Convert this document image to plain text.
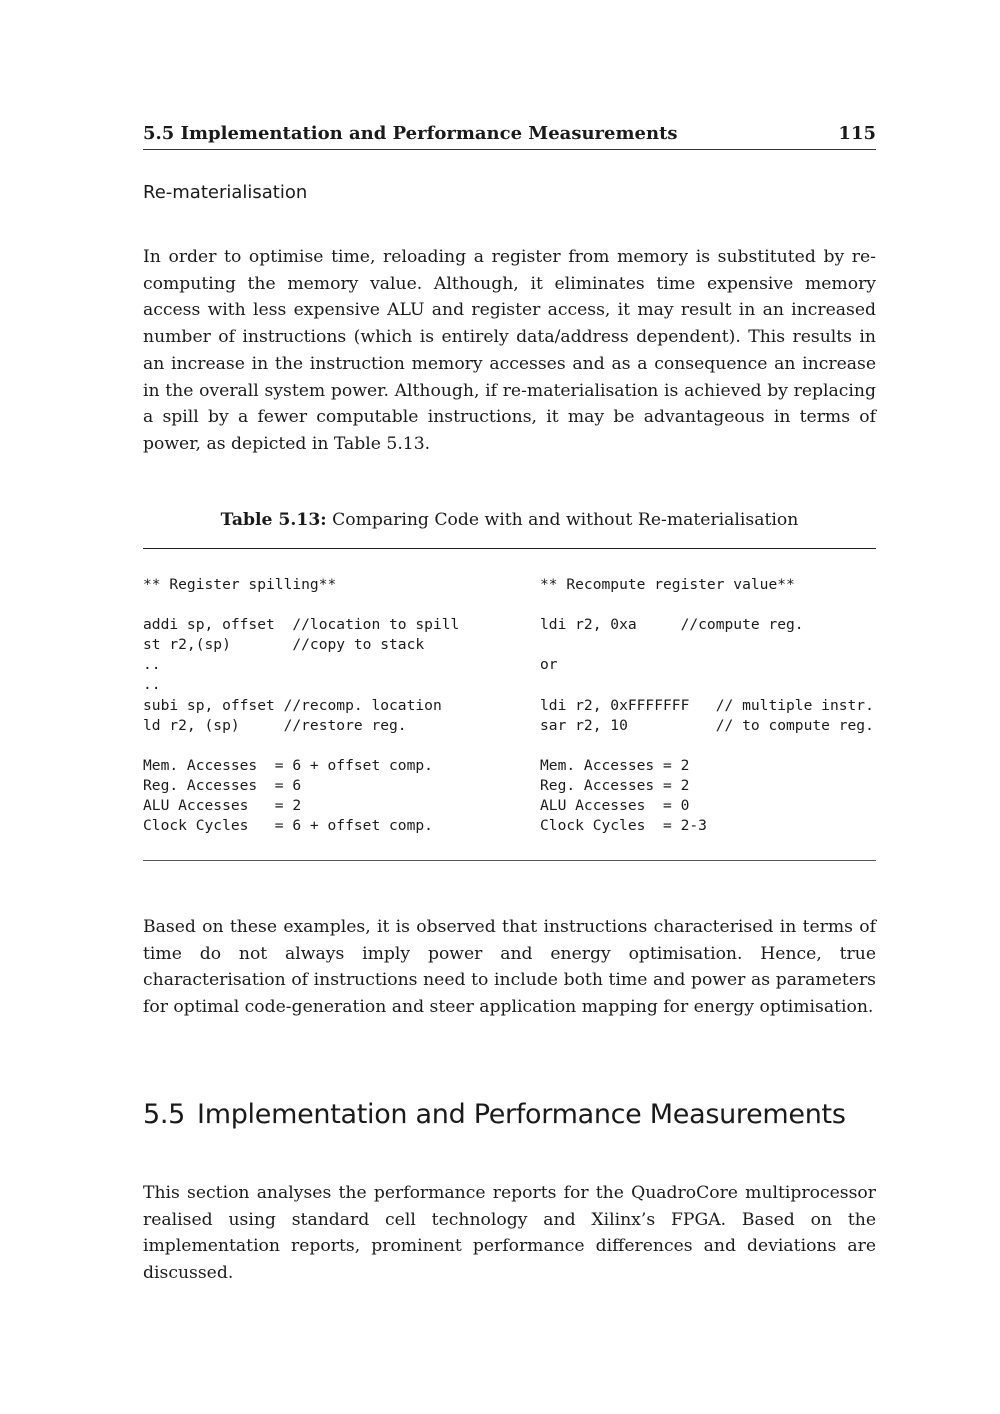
5.5 Implementation and Performance Measurements	115
Re-materialisation

In order to optimise time, reloading a register from memory is substituted by re-computing the memory value. Although, it eliminates time expensive memory access with less expensive ALU and register access, it may result in an increased number of instructions (which is entirely data/address dependent). This results in an increase in the instruction memory accesses and as a consequence an increase in the overall system power. Although, if re-materialisation is achieved by replacing a spill by a fewer computable instructions, it may be advantageous in terms of power, as depicted in Table 5.13.

Table 5.13: Comparing Code with and without Re-materialisation
** Register spilling**

addi sp, offset  //location to spill
st r2,(sp)       //copy to stack
..
..
subi sp, offset //recomp. location
ld r2, (sp)     //restore reg.

Mem. Accesses  = 6 + offset comp.
Reg. Accesses  = 6
ALU Accesses   = 2
Clock Cycles   = 6 + offset comp.
** Recompute register value**

ldi r2, 0xa     //compute reg.

or

ldi r2, 0xFFFFFFF   // multiple instr.
sar r2, 10          // to compute reg.

Mem. Accesses = 2
Reg. Accesses = 2
ALU Accesses  = 0
Clock Cycles  = 2-3

Based on these examples, it is observed that instructions characterised in terms of time do not always imply power and energy optimisation. Hence, true characterisation of instructions need to include both time and power as parameters for optimal code-generation and steer application mapping for energy optimisation.

5.5 Implementation and Performance Measurements

This section analyses the performance reports for the QuadroCore multiprocessor realised using standard cell technology and Xilinx’s FPGA. Based on the implementation reports, prominent performance differences and deviations are discussed.
